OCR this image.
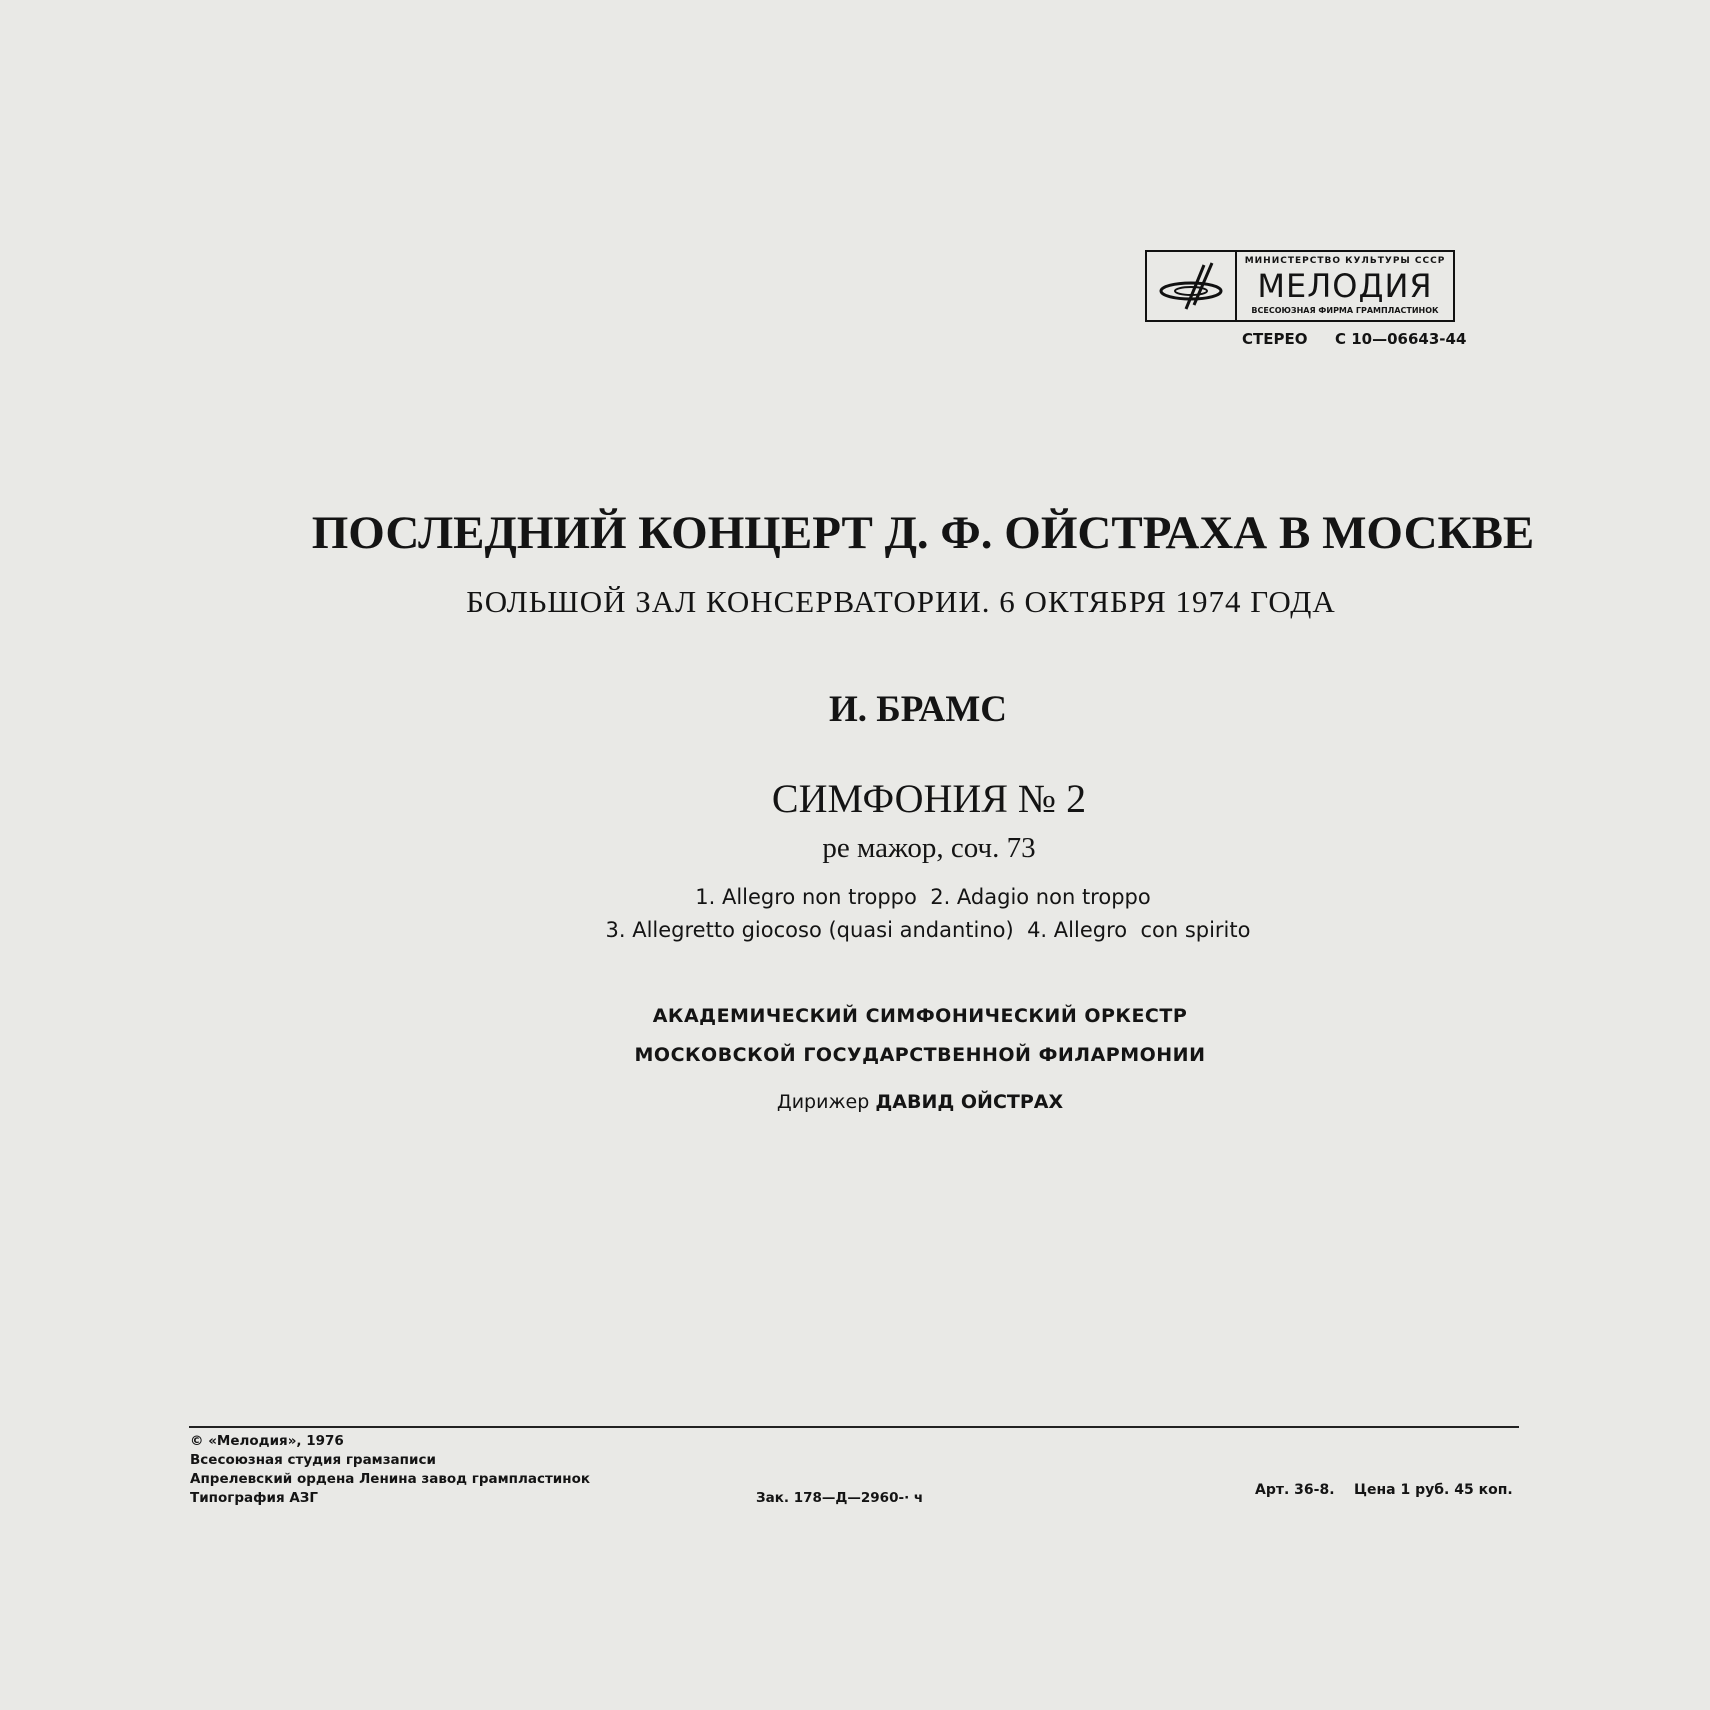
МИНИСТЕРСТВО КУЛЬТУРЫ СССР
МЕЛОДИЯ
ВСЕСОЮЗНАЯ ФИРМА ГРАМПЛАСТИНОК
СТЕРЕО С 10—06643-44
ПОСЛЕДНИЙ КОНЦЕРТ Д. Ф. ОЙСТРАХА В МОСКВЕ
БОЛЬШОЙ ЗАЛ КОНСЕРВАТОРИИ. 6 ОКТЯБРЯ 1974 ГОДА
И. БРАМС
СИМФОНИЯ № 2
ре мажор, соч. 73
1. Allegro non troppo  2. Adagio non troppo
3. Allegretto giocoso (quasi andantino)  4. Allegro  con spirito
АКАДЕМИЧЕСКИЙ СИМФОНИЧЕСКИЙ ОРКЕСТР
МОСКОВСКОЙ ГОСУДАРСТВЕННОЙ ФИЛАРМОНИИ
Дирижер ДАВИД ОЙСТРАХ
© «Мелодия», 1976
Всесоюзная студия грамзаписи
Апрелевский ордена Ленина завод грампластинок
Типография АЗГ	Зак. 178—Д—2960-· ч	Арт. 36-8.    Цена 1 руб. 45 коп.
